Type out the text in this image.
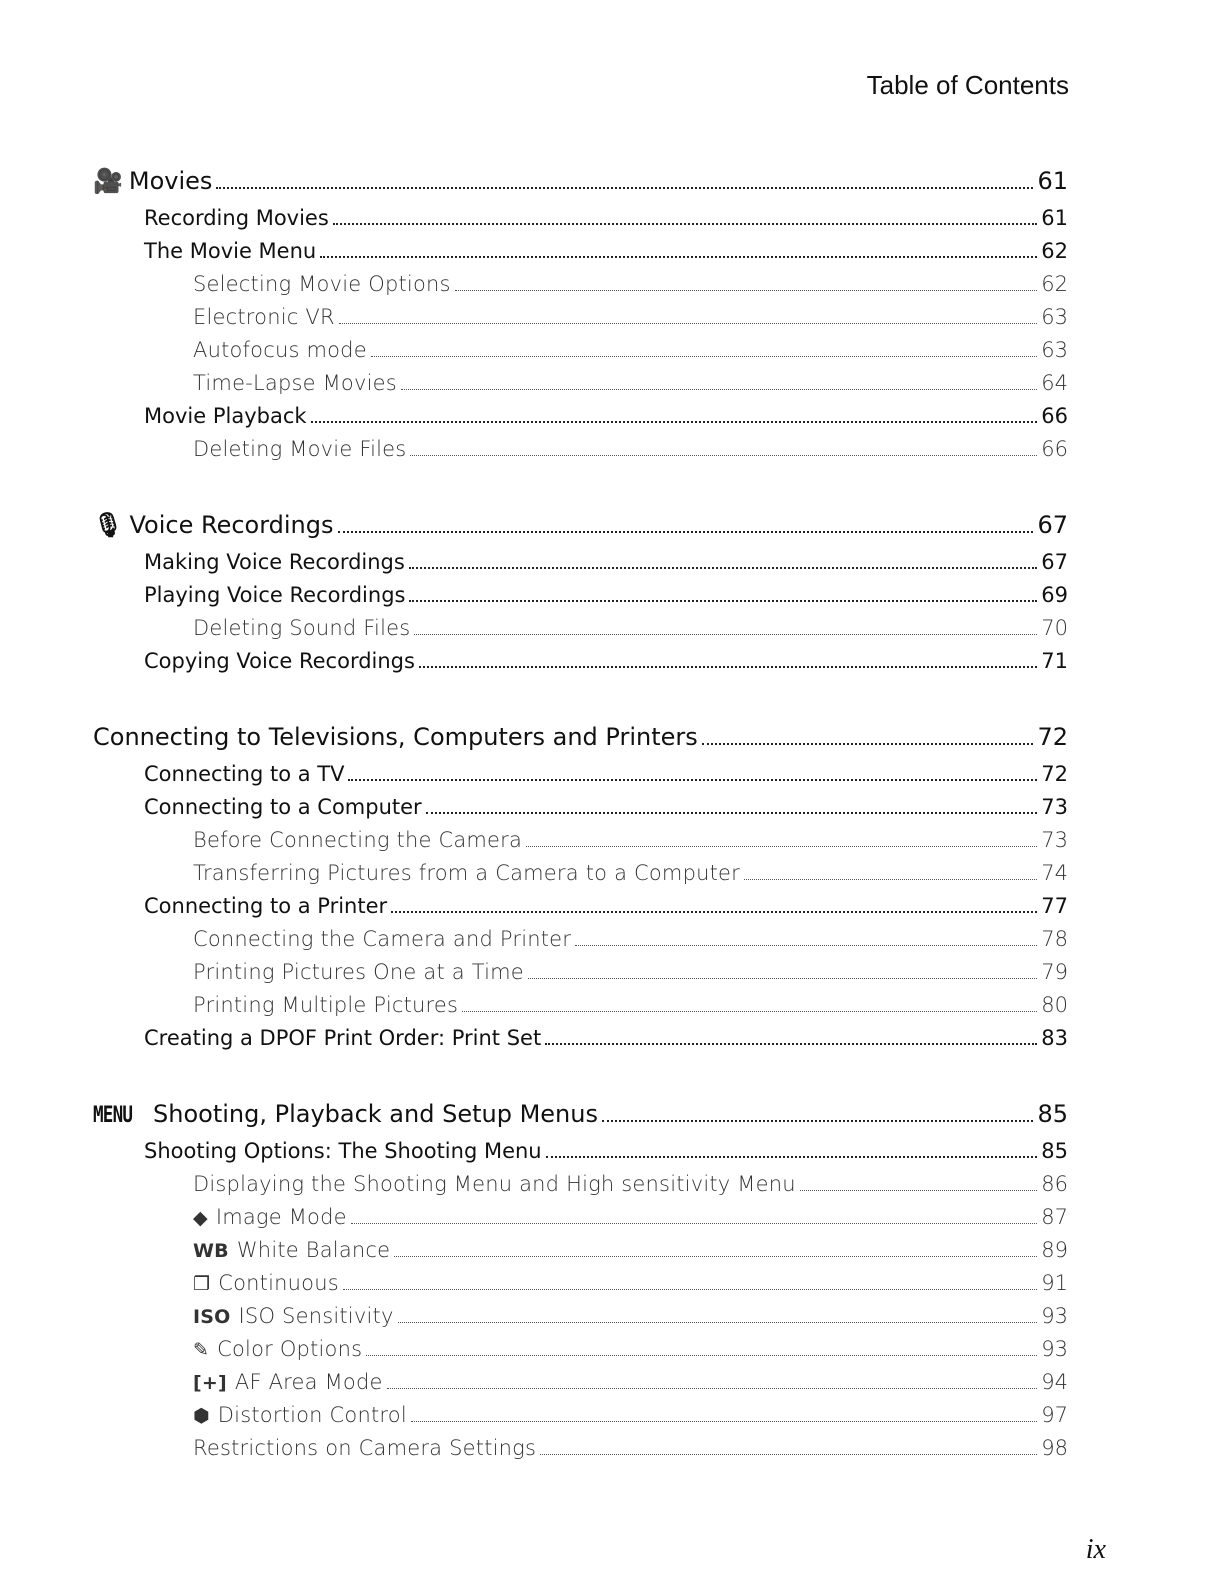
Table of Contents
🎥 Movies	61
Recording Movies	61
The Movie Menu	62
Selecting Movie Options	62
Electronic VR	63
Autofocus mode	63
Time-Lapse Movies	64
Movie Playback	66
Deleting Movie Files	66
🎙 Voice Recordings	67
Making Voice Recordings	67
Playing Voice Recordings	69
Deleting Sound Files	70
Copying Voice Recordings	71
Connecting to Televisions, Computers and Printers	72
Connecting to a TV	72
Connecting to a Computer	73
Before Connecting the Camera	73
Transferring Pictures from a Camera to a Computer	74
Connecting to a Printer	77
Connecting the Camera and Printer	78
Printing Pictures One at a Time	79
Printing Multiple Pictures	80
Creating a DPOF Print Order: Print Set	83
MENU Shooting, Playback and Setup Menus	85
Shooting Options: The Shooting Menu	85
Displaying the Shooting Menu and High sensitivity Menu	86
◆ Image Mode	87
WB White Balance	89
❐ Continuous	91
ISO ISO Sensitivity	93
✎ Color Options	93
[+] AF Area Mode	94
⬢ Distortion Control	97
Restrictions on Camera Settings	98
ix
